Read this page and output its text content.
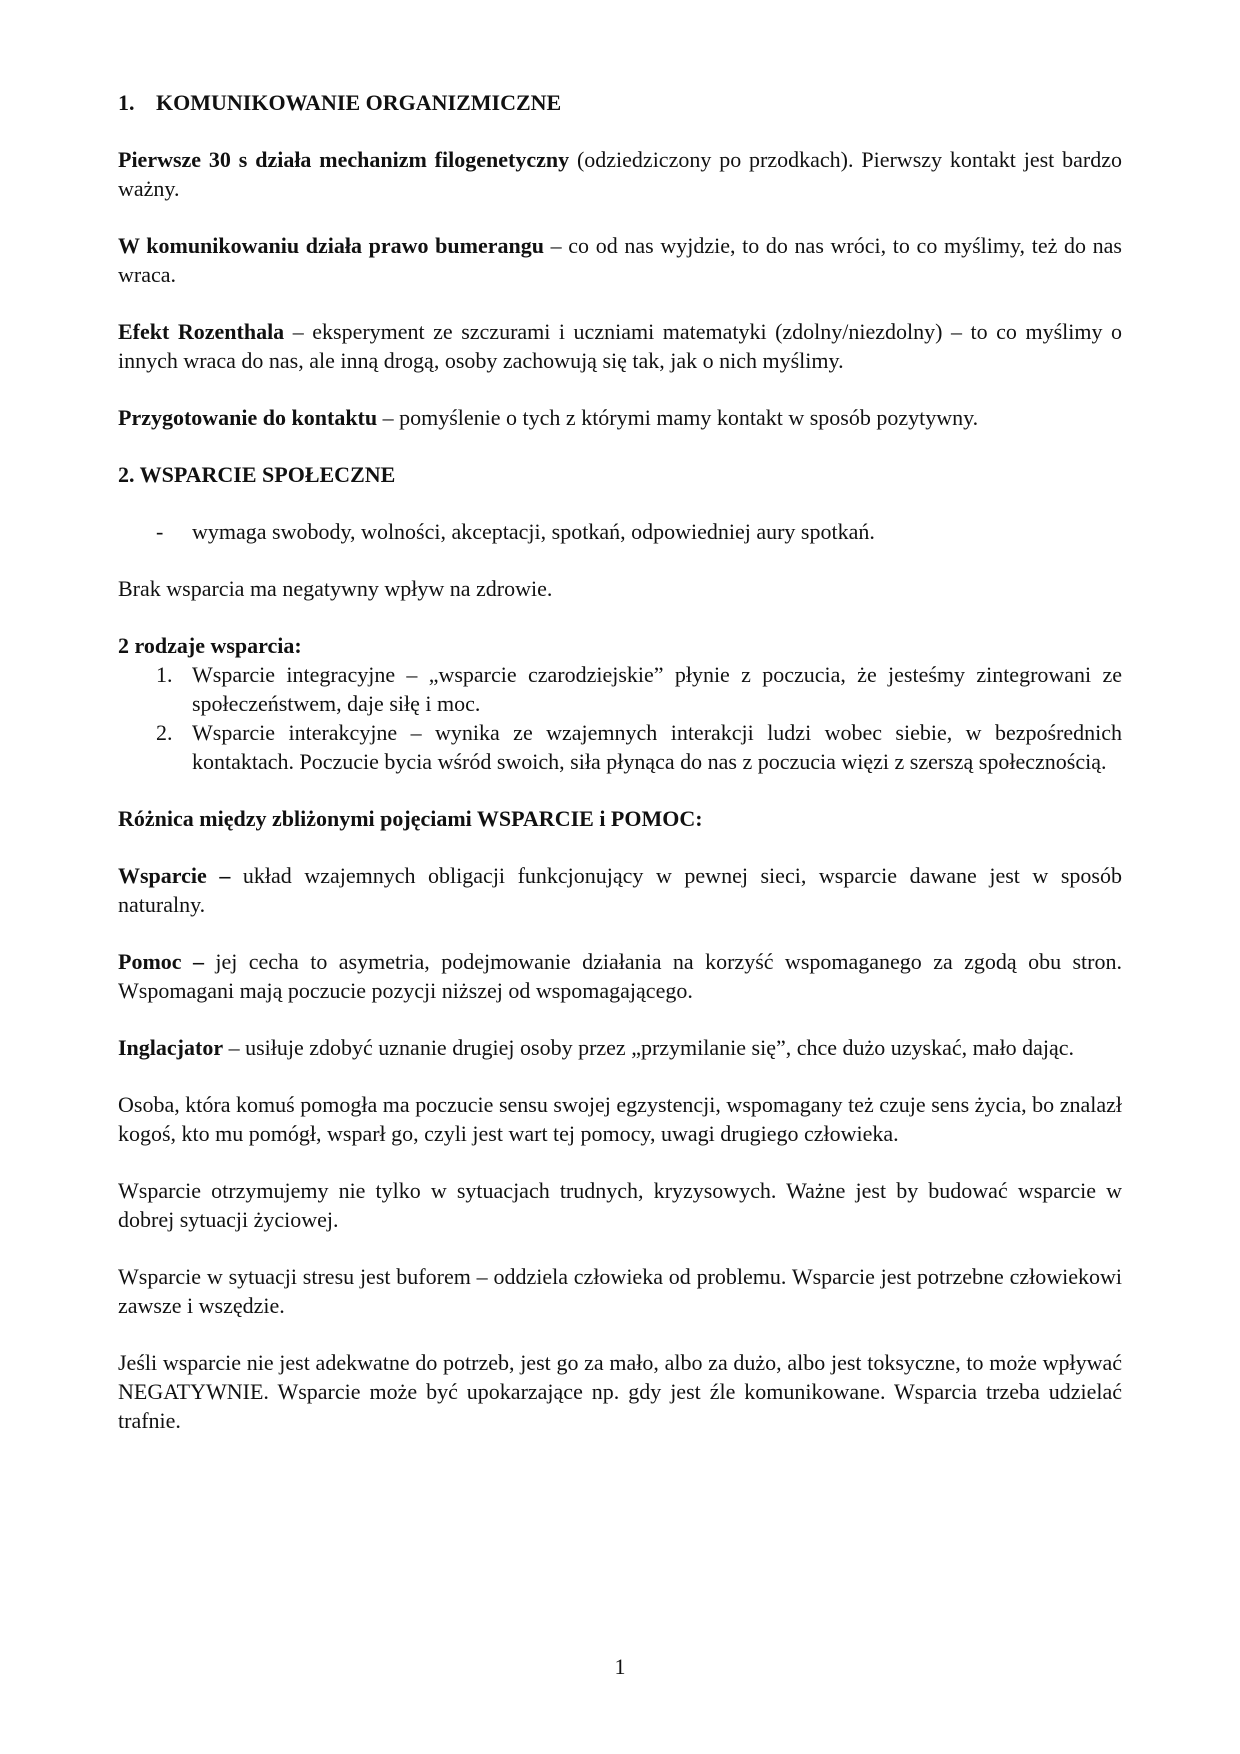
1. KOMUNIKOWANIE ORGANIZMICZNE

Pierwsze 30 s działa mechanizm filogenetyczny (odziedziczony po przodkach). Pierwszy kontakt jest bardzo ważny.

W komunikowaniu działa prawo bumerangu – co od nas wyjdzie, to do nas wróci, to co myślimy, też do nas wraca.

Efekt Rozenthala – eksperyment ze szczurami i uczniami matematyki (zdolny/niezdolny) – to co myślimy o innych wraca do nas, ale inną drogą, osoby zachowują się tak, jak o nich myślimy.

Przygotowanie do kontaktu – pomyślenie o tych z którymi mamy kontakt w sposób pozytywny.

2. WSPARCIE SPOŁECZNE

- wymaga swobody, wolności, akceptacji, spotkań, odpowiedniej aury spotkań.

Brak wsparcia ma negatywny wpływ na zdrowie.

2 rodzaje wsparcia:

1. Wsparcie integracyjne – „wsparcie czarodziejskie” płynie z poczucia, że jesteśmy zintegrowani ze społeczeństwem, daje siłę i moc.
2. Wsparcie interakcyjne – wynika ze wzajemnych interakcji ludzi wobec siebie, w bezpośrednich kontaktach. Poczucie bycia wśród swoich, siła płynąca do nas z poczucia więzi z szerszą społecznością.

Różnica między zbliżonymi pojęciami WSPARCIE i POMOC:

Wsparcie – układ wzajemnych obligacji funkcjonujący w pewnej sieci, wsparcie dawane jest w sposób naturalny.

Pomoc – jej cecha to asymetria, podejmowanie działania na korzyść wspomaganego za zgodą obu stron. Wspomagani mają poczucie pozycji niższej od wspomagającego.

Inglacjator – usiłuje zdobyć uznanie drugiej osoby przez „przymilanie się”, chce dużo uzyskać, mało dając.

Osoba, która komuś pomogła ma poczucie sensu swojej egzystencji, wspomagany też czuje sens życia, bo znalazł kogoś, kto mu pomógł, wsparł go, czyli jest wart tej pomocy, uwagi drugiego człowieka.

Wsparcie otrzymujemy nie tylko w sytuacjach trudnych, kryzysowych. Ważne jest by budować wsparcie w dobrej sytuacji życiowej.

Wsparcie w sytuacji stresu jest buforem – oddziela człowieka od problemu. Wsparcie jest potrzebne człowiekowi zawsze i wszędzie.

Jeśli wsparcie nie jest adekwatne do potrzeb, jest go za mało, albo za dużo, albo jest toksyczne, to może wpływać NEGATYWNIE. Wsparcie może być upokarzające np. gdy jest źle komunikowane. Wsparcia trzeba udzielać trafnie.

1
